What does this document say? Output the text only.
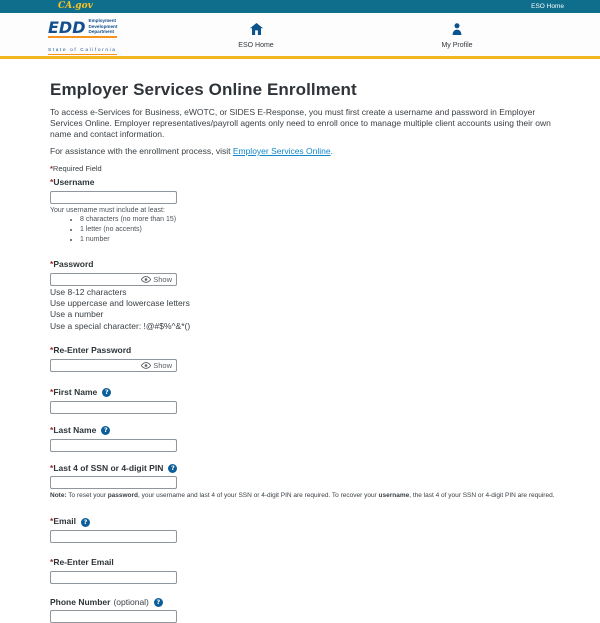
CA.gov	ESO Home
EDD Employment
Development
Department
State of California
ESO Home	My Profile
Employer Services Online Enrollment

To access e-Services for Business, eWOTC, or SIDES E-Response, you must first create a username and password in Employer Services Online. Employer representatives/payroll agents only need to enroll once to manage multiple client accounts using their own name and contact information.

For assistance with the enrollment process, visit Employer Services Online.

*Required Field

* Username
Your username must include at least:
• 8 characters (no more than 15)
• 1 letter (no accents)
• 1 number
* Password
Show
Use 8-12 characters
Use uppercase and lowercase letters
Use a number
Use a special character: !@#$%^&*()
* Re-Enter Password
Show
* First Name	?
* Last Name	?
* Last 4 of SSN or 4-digit PIN	?

Note: To reset your password, your username and last 4 of your SSN or 4-digit PIN are required. To recover your username, the last 4 of your SSN or 4-digit PIN are required.

* Email	?
* Re-Enter Email
Phone Number (optional)	?
